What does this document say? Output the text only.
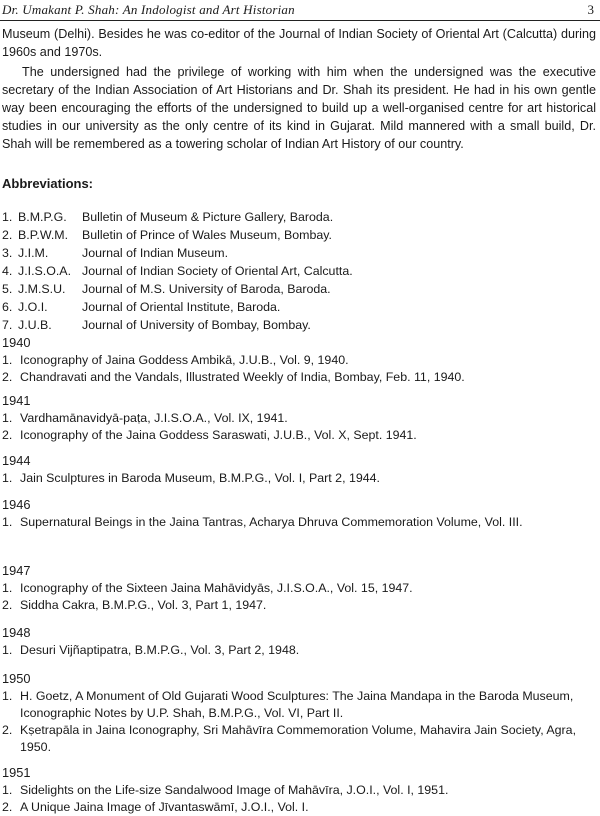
Dr. Umakant P. Shah: An Indologist and Art Historian	3

Museum (Delhi). Besides he was co-editor of the Journal of Indian Society of Oriental Art (Calcutta) during 1960s and 1970s.

The undersigned had the privilege of working with him when the undersigned was the executive secretary of the Indian Association of Art Historians and Dr. Shah its president. He had in his own gentle way been encouraging the efforts of the undersigned to build up a well-organised centre for art historical studies in our university as the only centre of its kind in Gujarat. Mild mannered with a small build, Dr. Shah will be remembered as a towering scholar of Indian Art History of our country.

Abbreviations:
1. B.M.P.G.	Bulletin of Museum & Picture Gallery, Baroda.
2. B.P.W.M.	Bulletin of Prince of Wales Museum, Bombay.
3. J.I.M.	Journal of Indian Museum.
4. J.I.S.O.A. Journal of Indian Society of Oriental Art, Calcutta.
5. J.M.S.U.	Journal of M.S. University of Baroda, Baroda.
6. J.O.I.	Journal of Oriental Institute, Baroda.
7. J.U.B.	Journal of University of Bombay, Bombay.
1940
1. Iconography of Jaina Goddess Ambikā, J.U.B., Vol. 9, 1940.
2. Chandravati and the Vandals, Illustrated Weekly of India, Bombay, Feb. 11, 1940.
1941
1. Vardhamānavidyā-paṭa, J.I.S.O.A., Vol. IX, 1941.
2. Iconography of the Jaina Goddess Saraswati, J.U.B., Vol. X, Sept. 1941.
1944
1. Jain Sculptures in Baroda Museum, B.M.P.G., Vol. I, Part 2, 1944.
1946
1. Supernatural Beings in the Jaina Tantras, Acharya Dhruva Commemoration Volume, Vol. III.
1947
1. Iconography of the Sixteen Jaina Mahāvidyās, J.I.S.O.A., Vol. 15, 1947.
2. Siddha Cakra, B.M.P.G., Vol. 3, Part 1, 1947.
1948
1. Desuri Vijñaptipatra, B.M.P.G., Vol. 3, Part 2, 1948.
1950
1. H. Goetz, A Monument of Old Gujarati Wood Sculptures: The Jaina Mandapa in the Baroda Museum, Iconographic Notes by U.P. Shah, B.M.P.G., Vol. VI, Part II.
2. Kṣetrapāla in Jaina Iconography, Sri Mahāvīra Commemoration Volume, Mahavira Jain Society, Agra, 1950.
1951
1. Sidelights on the Life-size Sandalwood Image of Mahāvīra, J.O.I., Vol. I, 1951.
2. A Unique Jaina Image of Jīvantaswāmī, J.O.I., Vol. I.
